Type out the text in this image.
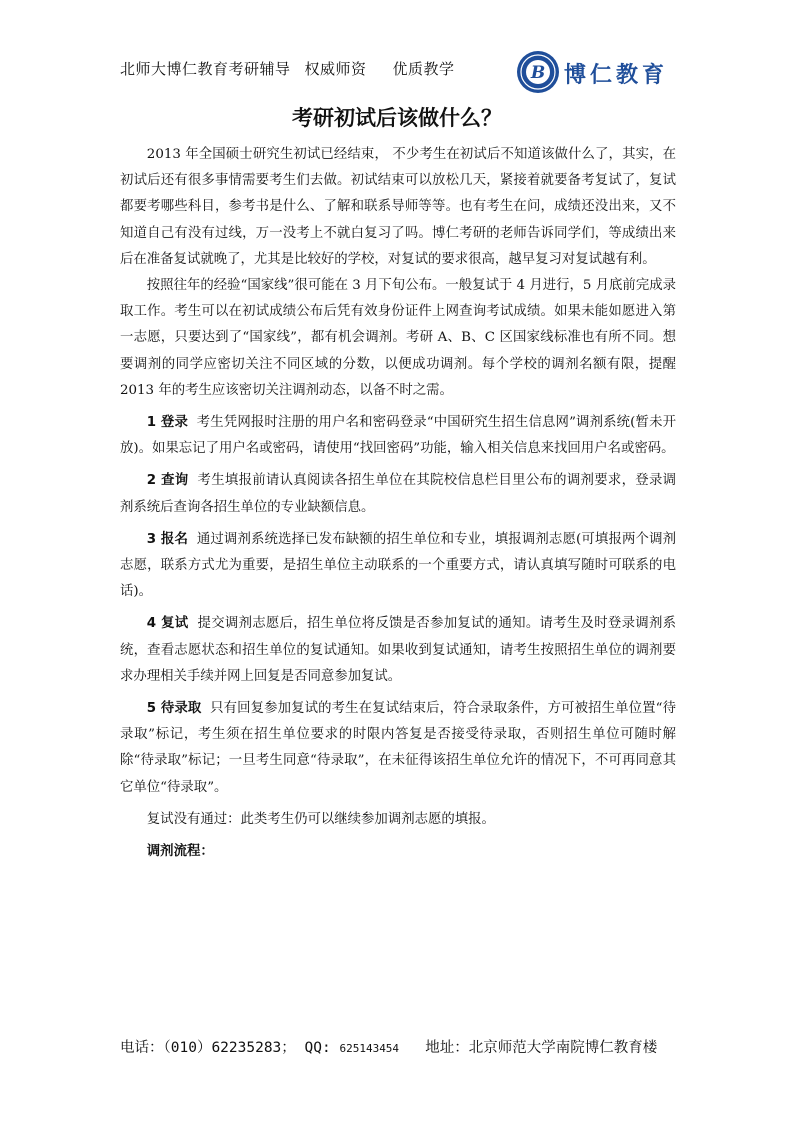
北师大博仁教育考研辅导 权威师资 优质教学	B 博仁教育
考研初试后该做什么？

2013 年全国硕士研究生初试已经结束， 不少考生在初试后不知道该做什么了，其实，在初试后还有很多事情需要考生们去做。初试结束可以放松几天，紧接着就要备考复试了，复试都要考哪些科目，参考书是什么、了解和联系导师等等。也有考生在问，成绩还没出来，又不知道自己有没有过线，万一没考上不就白复习了吗。博仁考研的老师告诉同学们，等成绩出来后在准备复试就晚了，尤其是比较好的学校，对复试的要求很高，越早复习对复试越有利。

按照往年的经验“国家线”很可能在 3 月下旬公布。一般复试于 4 月进行，5 月底前完成录取工作。考生可以在初试成绩公布后凭有效身份证件上网查询考试成绩。如果未能如愿进入第一志愿，只要达到了“国家线”，都有机会调剂。考研 A、B、C 区国家线标准也有所不同。想要调剂的同学应密切关注不同区域的分数，以便成功调剂。每个学校的调剂名额有限，提醒 2013 年的考生应该密切关注调剂动态，以备不时之需。

1 登录 考生凭网报时注册的用户名和密码登录“中国研究生招生信息网”调剂系统(暂未开放)。如果忘记了用户名或密码，请使用“找回密码”功能，输入相关信息来找回用户名或密码。

2 查询 考生填报前请认真阅读各招生单位在其院校信息栏目里公布的调剂要求，登录调剂系统后查询各招生单位的专业缺额信息。

3 报名 通过调剂系统选择已发布缺额的招生单位和专业，填报调剂志愿(可填报两个调剂志愿，联系方式尤为重要，是招生单位主动联系的一个重要方式，请认真填写随时可联系的电话)。

4 复试 提交调剂志愿后，招生单位将反馈是否参加复试的通知。请考生及时登录调剂系统，查看志愿状态和招生单位的复试通知。如果收到复试通知，请考生按照招生单位的调剂要求办理相关手续并网上回复是否同意参加复试。

5 待录取 只有回复参加复试的考生在复试结束后，符合录取条件，方可被招生单位置“待录取”标记，考生须在招生单位要求的时限内答复是否接受待录取，否则招生单位可随时解除“待录取”标记；一旦考生同意“待录取”，在未征得该招生单位允许的情况下，不可再同意其它单位“待录取”。

复试没有通过：此类考生仍可以继续参加调剂志愿的填报。

调剂流程：

电话：（010）62235283； QQ: 625143454 地址：北京师范大学南院博仁教育楼
